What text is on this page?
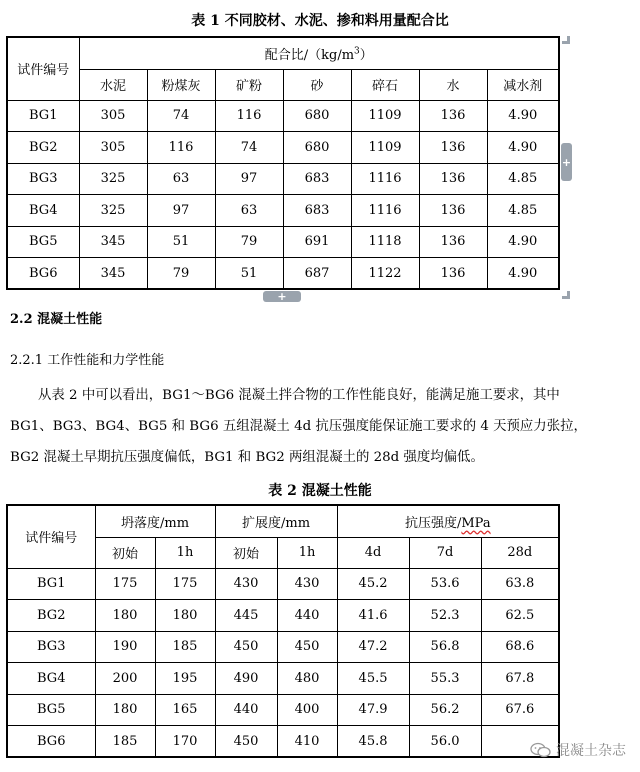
表 1 不同胶材、水泥、掺和料用量配合比
试件编号	配合比$/(kg/m^3)$						
	水泥	粉煤灰	矿粉	砂	碎石	水	减水剂
BG1	305	74	116	680	1109	136	4.90
BG2	305	116	74	680	1109	136	4.90
BG3	325	63	97	683	1116	136	4.85
BG4	325	97	63	683	1116	136	4.85
BG5	345	51	79	691	1118	136	4.90
BG6	345	79	51	687	1122	136	4.90
+
+
2.2 混凝土性能
2.2.1 工作性能和力学性能
从表 2 中可以看出，BG1～BG6 混凝土拌合物的工作性能良好，能满足施工要求，其中
BG1、BG3、BG4、BG5 和 BG6 五组混凝土 4d 抗压强度能保证施工要求的 4 天预应力张拉，
BG2 混凝土早期抗压强度偏低，BG1 和 BG2 两组混凝土的 28d 强度均偏低。
表 2 混凝土性能
试件编号	坍落度/mm		扩展度/mm		抗压强度/MPa		
	初始	1h	初始	1h	4d	7d	28d
BG1	175	175	430	430	45.2	53.6	63.8
BG2	180	180	445	440	41.6	52.3	62.5
BG3	190	185	450	450	47.2	56.8	68.6
BG4	200	195	490	480	45.5	55.3	67.8
BG5	180	165	440	400	47.9	56.2	67.6
BG6	185	170	450	410	45.8	56.0	
混凝土杂志
